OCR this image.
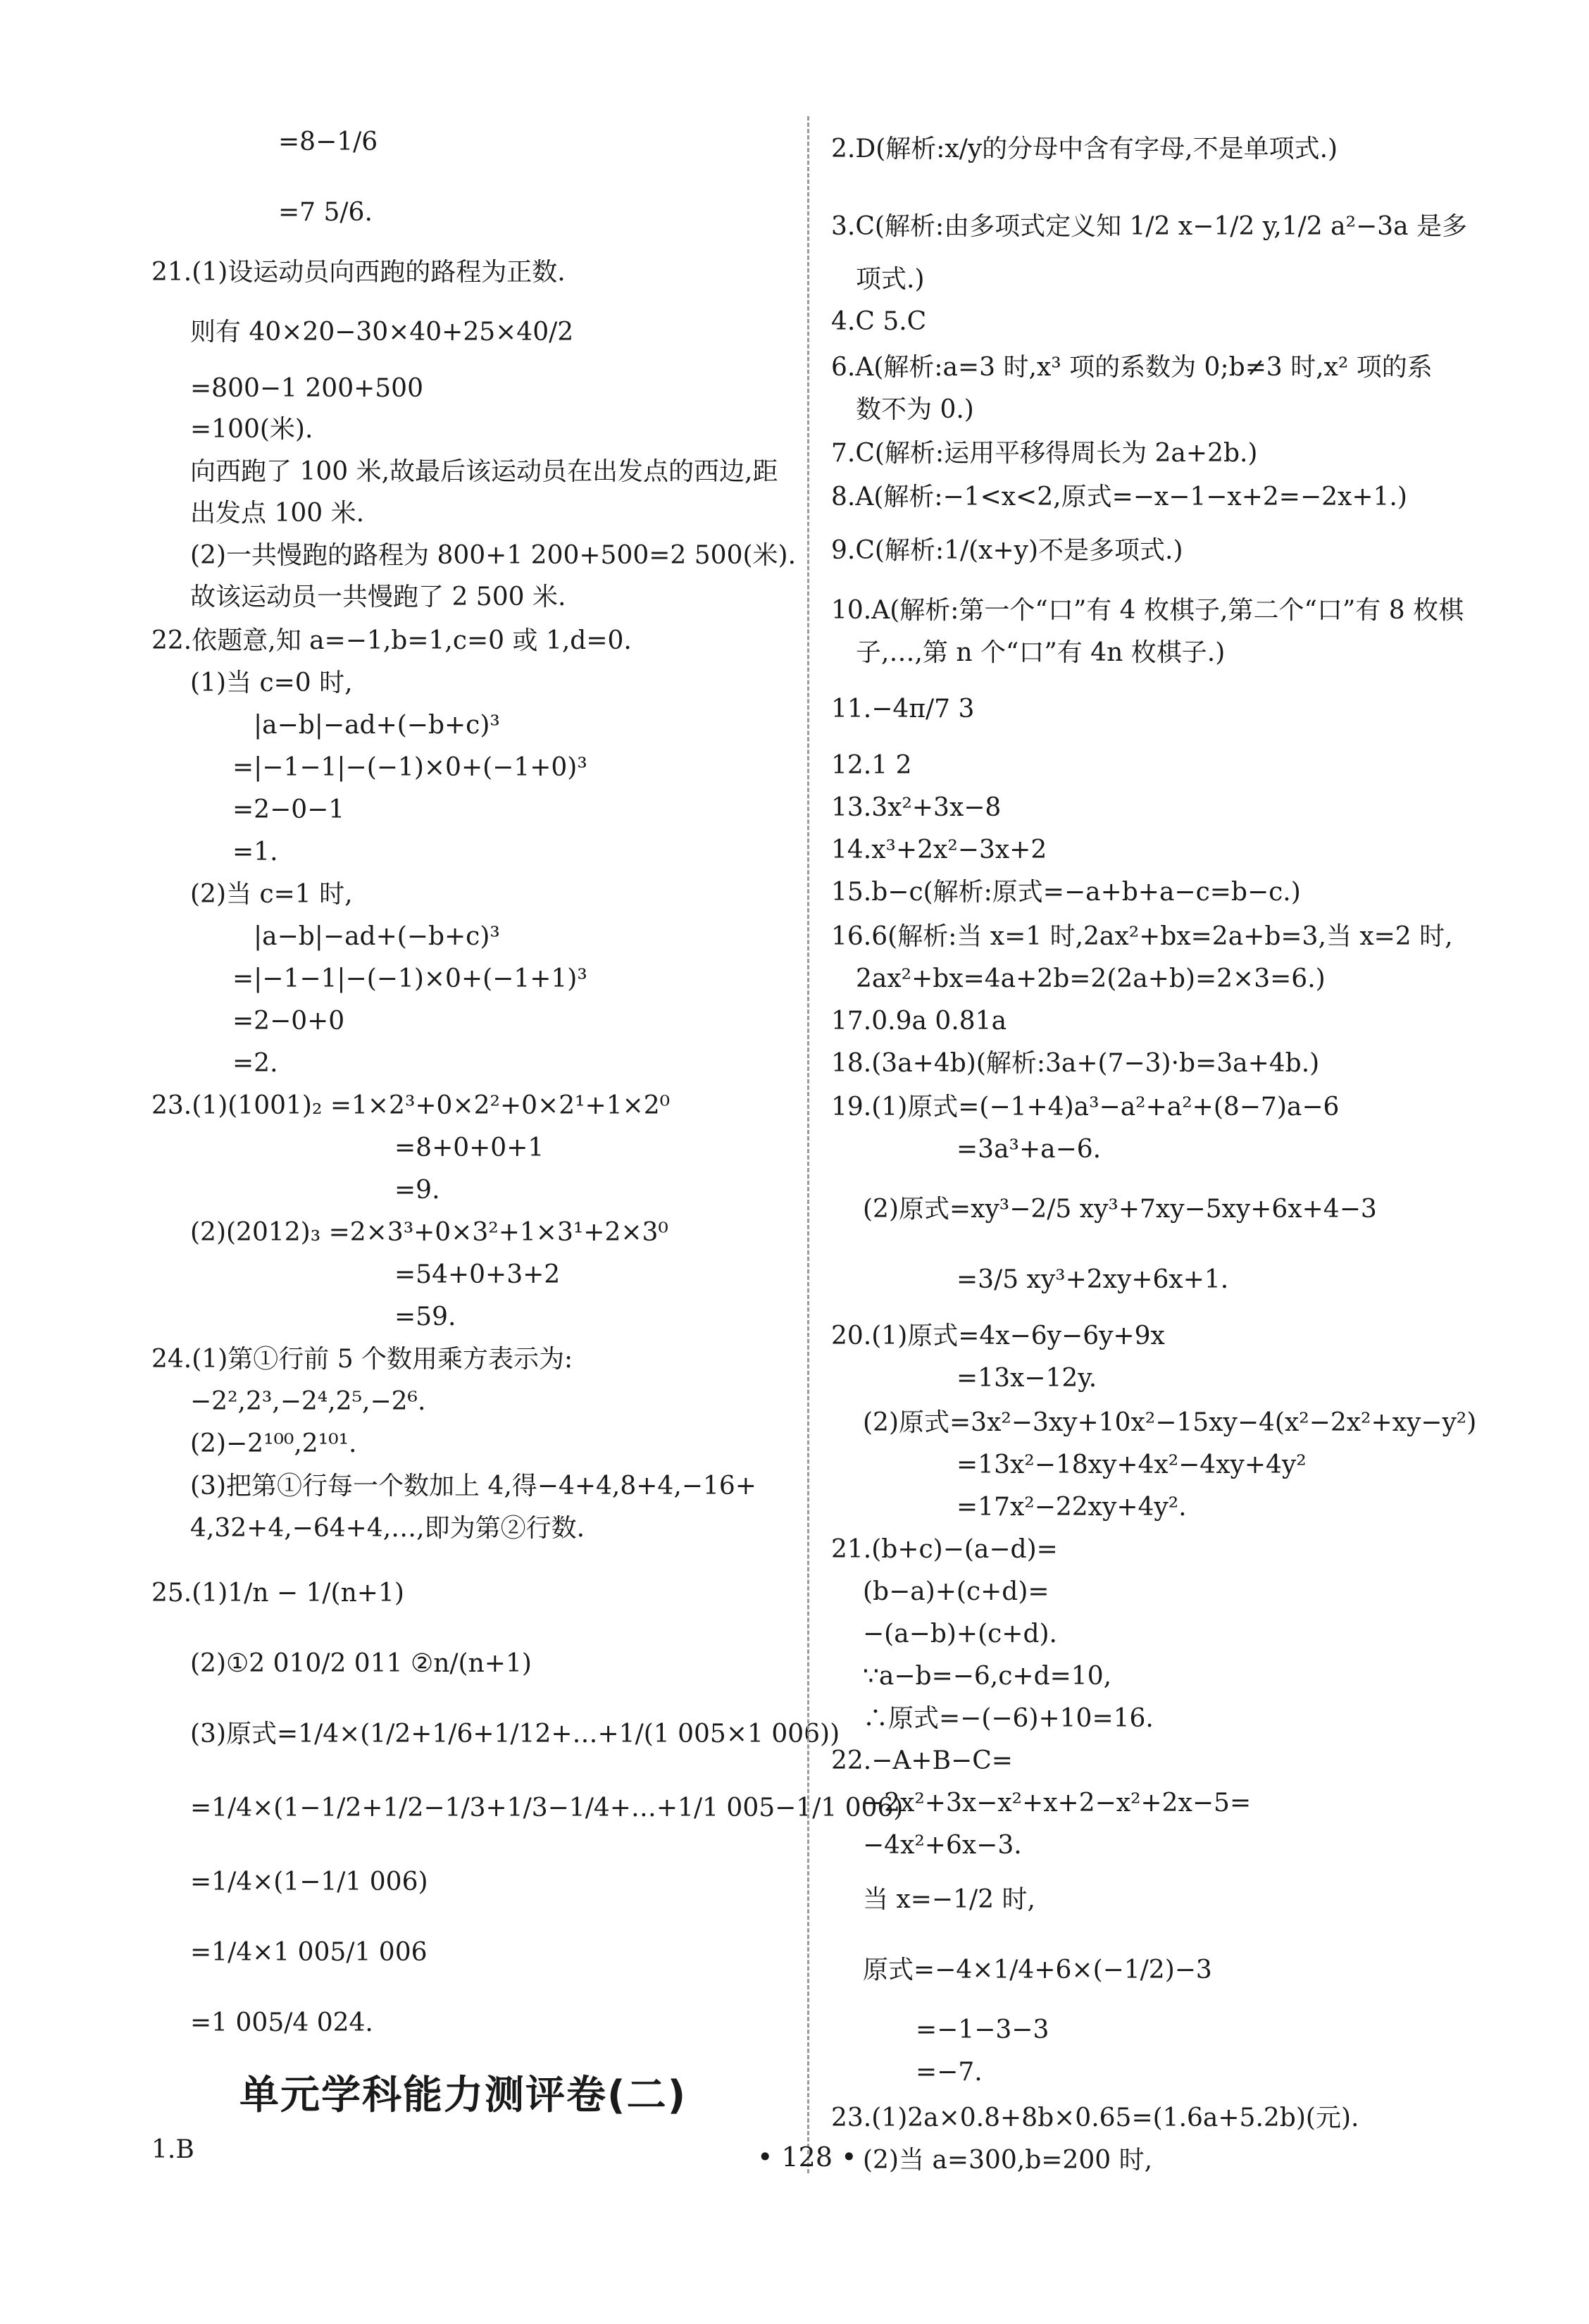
=8−1/6
=7 5/6.
21.(1)设运动员向西跑的路程为正数.
则有 40×20−30×40+25×40/2
=800−1 200+500
=100(米).
向西跑了 100 米,故最后该运动员在出发点的西边,距
出发点 100 米.
(2)一共慢跑的路程为 800+1 200+500=2 500(米).
故该运动员一共慢跑了 2 500 米.
22.依题意,知 a=−1,b=1,c=0 或 1,d=0.
(1)当 c=0 时,
|a−b|−ad+(−b+c)³
=|−1−1|−(−1)×0+(−1+0)³
=2−0−1
=1.
(2)当 c=1 时,
|a−b|−ad+(−b+c)³
=|−1−1|−(−1)×0+(−1+1)³
=2−0+0
=2.
23.(1)(1001)₂ =1×2³+0×2²+0×2¹+1×2⁰
=8+0+0+1
=9.
(2)(2012)₃ =2×3³+0×3²+1×3¹+2×3⁰
=54+0+3+2
=59.
24.(1)第①行前 5 个数用乘方表示为:
−2²,2³,−2⁴,2⁵,−2⁶.
(2)−2¹⁰⁰,2¹⁰¹.
(3)把第①行每一个数加上 4,得−4+4,8+4,−16+
4,32+4,−64+4,…,即为第②行数.
25.(1)1/n − 1/(n+1)
(2)①2 010/2 011 ②n/(n+1)
(3)原式=1/4×(1/2+1/6+1/12+…+1/(1 005×1 006))
=1/4×(1−1/2+1/2−1/3+1/3−1/4+…+1/1 005−1/1 006)
=1/4×(1−1/1 006)
=1/4×1 005/1 006
=1 005/4 024.
1.B
单元学科能力测评卷(二)
2.D(解析:x/y的分母中含有字母,不是单项式.)
3.C(解析:由多项式定义知 1/2 x−1/2 y,1/2 a²−3a 是多
项式.)
4.C 5.C
6.A(解析:a=3 时,x³ 项的系数为 0;b≠3 时,x² 项的系
数不为 0.)
7.C(解析:运用平移得周长为 2a+2b.)
8.A(解析:−1<x<2,原式=−x−1−x+2=−2x+1.)
9.C(解析:1/(x+y)不是多项式.)
10.A(解析:第一个“口”有 4 枚棋子,第二个“口”有 8 枚棋
子,…,第 n 个“口”有 4n 枚棋子.)
11.−4π/7 3
12.1 2
13.3x²+3x−8
14.x³+2x²−3x+2
15.b−c(解析:原式=−a+b+a−c=b−c.)
16.6(解析:当 x=1 时,2ax²+bx=2a+b=3,当 x=2 时,
2ax²+bx=4a+2b=2(2a+b)=2×3=6.)
17.0.9a 0.81a
18.(3a+4b)(解析:3a+(7−3)·b=3a+4b.)
19.(1)原式=(−1+4)a³−a²+a²+(8−7)a−6
=3a³+a−6.
(2)原式=xy³−2/5 xy³+7xy−5xy+6x+4−3
=3/5 xy³+2xy+6x+1.
20.(1)原式=4x−6y−6y+9x
=13x−12y.
(2)原式=3x²−3xy+10x²−15xy−4(x²−2x²+xy−y²)
=13x²−18xy+4x²−4xy+4y²
=17x²−22xy+4y².
21.(b+c)−(a−d)=
(b−a)+(c+d)=
−(a−b)+(c+d).
∵a−b=−6,c+d=10,
∴原式=−(−6)+10=16.
22.−A+B−C=
−2x²+3x−x²+x+2−x²+2x−5=
−4x²+6x−3.
当 x=−1/2 时,
原式=−4×1/4+6×(−1/2)−3
=−1−3−3
=−7.
23.(1)2a×0.8+8b×0.65=(1.6a+5.2b)(元).
(2)当 a=300,b=200 时,
• 128 •
